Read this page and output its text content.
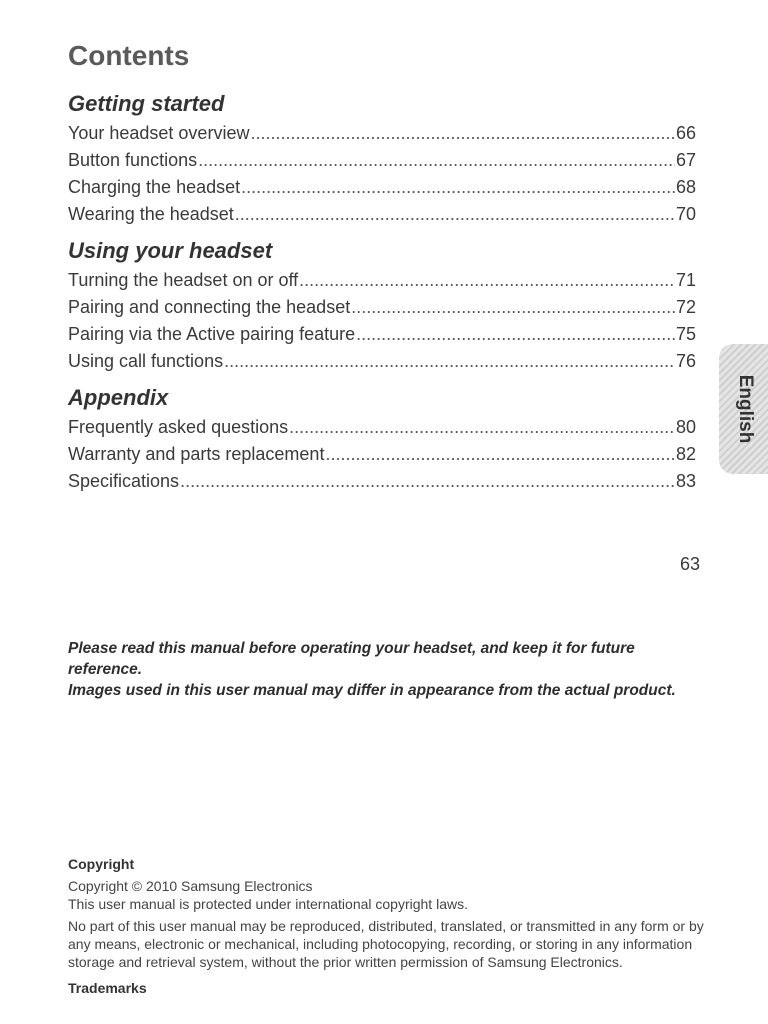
Contents
Getting started
Your headset overview .....	66
Button functions .....	67
Charging the headset .....	68
Wearing the headset .....	70
Using your headset
Turning the headset on or off .....	71
Pairing and connecting the headset .....	72
Pairing via the Active pairing feature .....	75
Using call functions .....	76
Appendix
Frequently asked questions .....	80
Warranty and parts replacement .....	82
Specifications .....	83
English
63

Please read this manual before operating your headset, and keep it for future reference.

Images used in this user manual may differ in appearance from the actual product.

Copyright

Copyright © 2010 Samsung Electronics

This user manual is protected under international copyright laws.

No part of this user manual may be reproduced, distributed, translated, or transmitted in any form or by any means, electronic or mechanical, including photocopying, recording, or storing in any information storage and retrieval system, without the prior written permission of Samsung Electronics.

Trademarks
